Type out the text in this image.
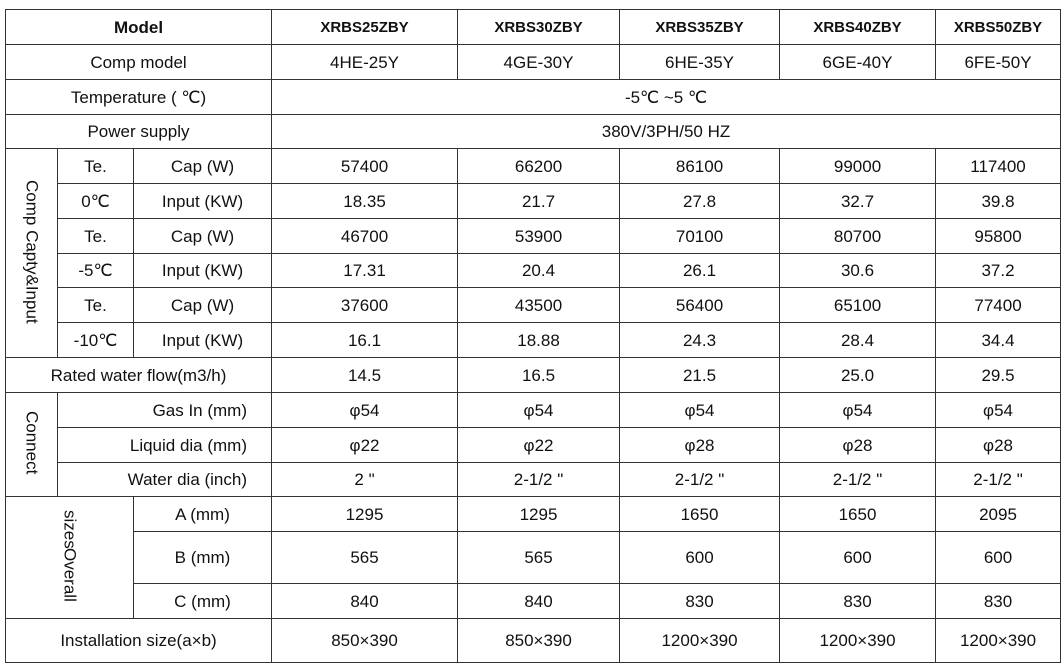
Model			XRBS25ZBY	XRBS30ZBY	XRBS35ZBY	XRBS40ZBY	XRBS50ZBY
Comp model			4HE-25Y	4GE-30Y	6HE-35Y	6GE-40Y	6FE-50Y
Temperature ( ℃)			-5℃ ~5 ℃				
Power supply			380V/3PH/50 HZ				
Comp Capty&Input	Te.	Cap (W)	57400	66200	86100	99000	117400
	0℃	Input (KW)	18.35	21.7	27.8	32.7	39.8
	Te.	Cap (W)	46700	53900	70100	80700	95800
	-5℃	Input (KW)	17.31	20.4	26.1	30.6	37.2
	Te.	Cap (W)	37600	43500	56400	65100	77400
	-10℃	Input (KW)	16.1	18.88	24.3	28.4	34.4
Rated water flow(m3/h)			14.5	16.5	21.5	25.0	29.5
Connect	Gas In (mm)		φ54	φ54	φ54	φ54	φ54
	Liquid dia (mm)		φ22	φ22	φ28	φ28	φ28
	Water dia (inch)		2 "	2-1/2 "	2-1/2 "	2-1/2 "	2-1/2 "

Overall
sizes		A (mm)	1295	1295	1650	1650	2095
		B (mm)	565	565	600	600	600
		C (mm)	840	840	830	830	830
Installation size(a×b)			850×390	850×390	1200×390	1200×390	1200×390
